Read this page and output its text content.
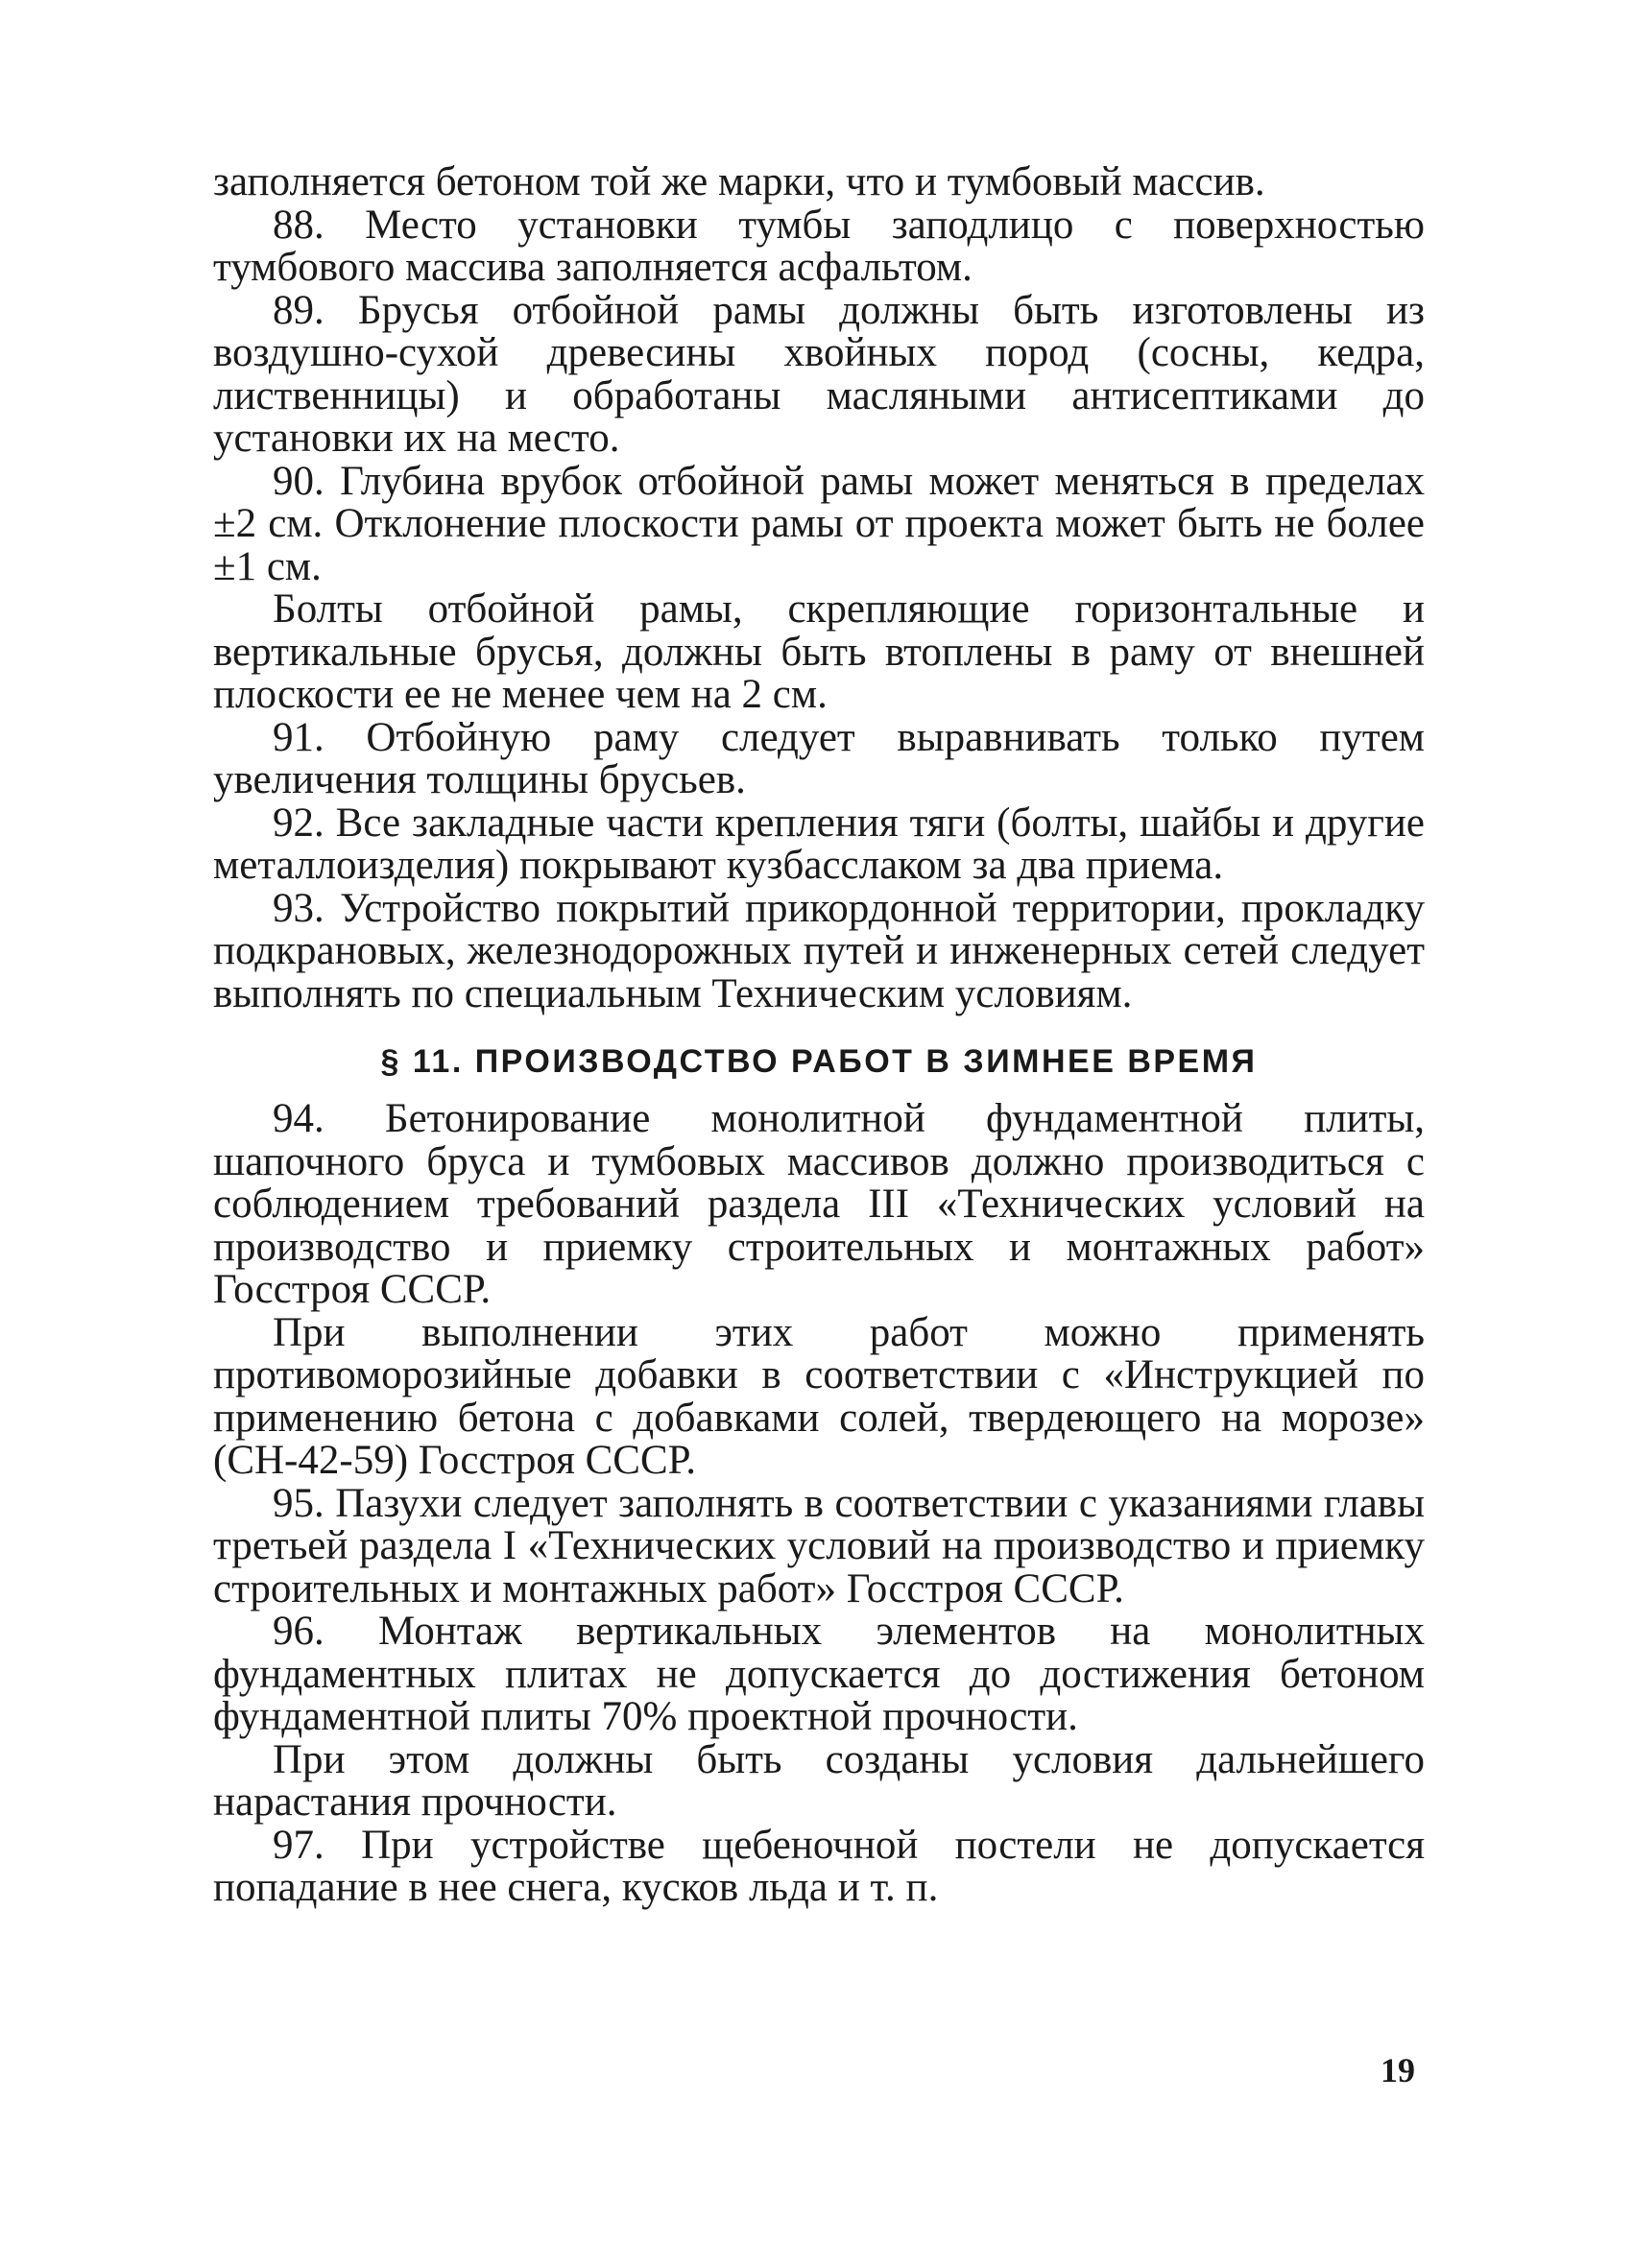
заполняется бетоном той же марки, что и тумбовый массив.

88. Место установки тумбы заподлицо с поверхностью тумбового массива заполняется асфальтом.

89. Брусья отбойной рамы должны быть изготовлены из воздушно-сухой древесины хвойных пород (сосны, кедра, лиственницы) и обработаны масляными антисептиками до установки их на место.

90. Глубина врубок отбойной рамы может меняться в пределах ±2 см. Отклонение плоскости рамы от проекта может быть не более ±1 см.

Болты отбойной рамы, скрепляющие горизонтальные и вертикальные брусья, должны быть втоплены в раму от внешней плоскости ее не менее чем на 2 см.

91. Отбойную раму следует выравнивать только путем увеличения толщины брусьев.

92. Все закладные части крепления тяги (болты, шайбы и другие металлоизделия) покрывают кузбасслаком за два приема.

93. Устройство покрытий прикордонной территории, прокладку подкрановых, железнодорожных путей и инженерных сетей следует выполнять по специальным Техническим условиям.

§ 11. ПРОИЗВОДСТВО РАБОТ В ЗИМНЕЕ ВРЕМЯ

94. Бетонирование монолитной фундаментной плиты, шапочного бруса и тумбовых массивов должно производиться с соблюдением требований раздела III «Технических условий на производство и приемку строительных и монтажных работ» Госстроя СССР.

При выполнении этих работ можно применять противоморозийные добавки в соответствии с «Инструкцией по применению бетона с добавками солей, твердеющего на морозе» (СН-42-59) Госстроя СССР.

95. Пазухи следует заполнять в соответствии с указаниями главы третьей раздела I «Технических условий на производство и приемку строительных и монтажных работ» Госстроя СССР.

96. Монтаж вертикальных элементов на монолитных фундаментных плитах не допускается до достижения бетоном фундаментной плиты 70% проектной прочности.

При этом должны быть созданы условия дальнейшего нарастания прочности.

97. При устройстве щебеночной постели не допускается попадание в нее снега, кусков льда и т. п.

19
